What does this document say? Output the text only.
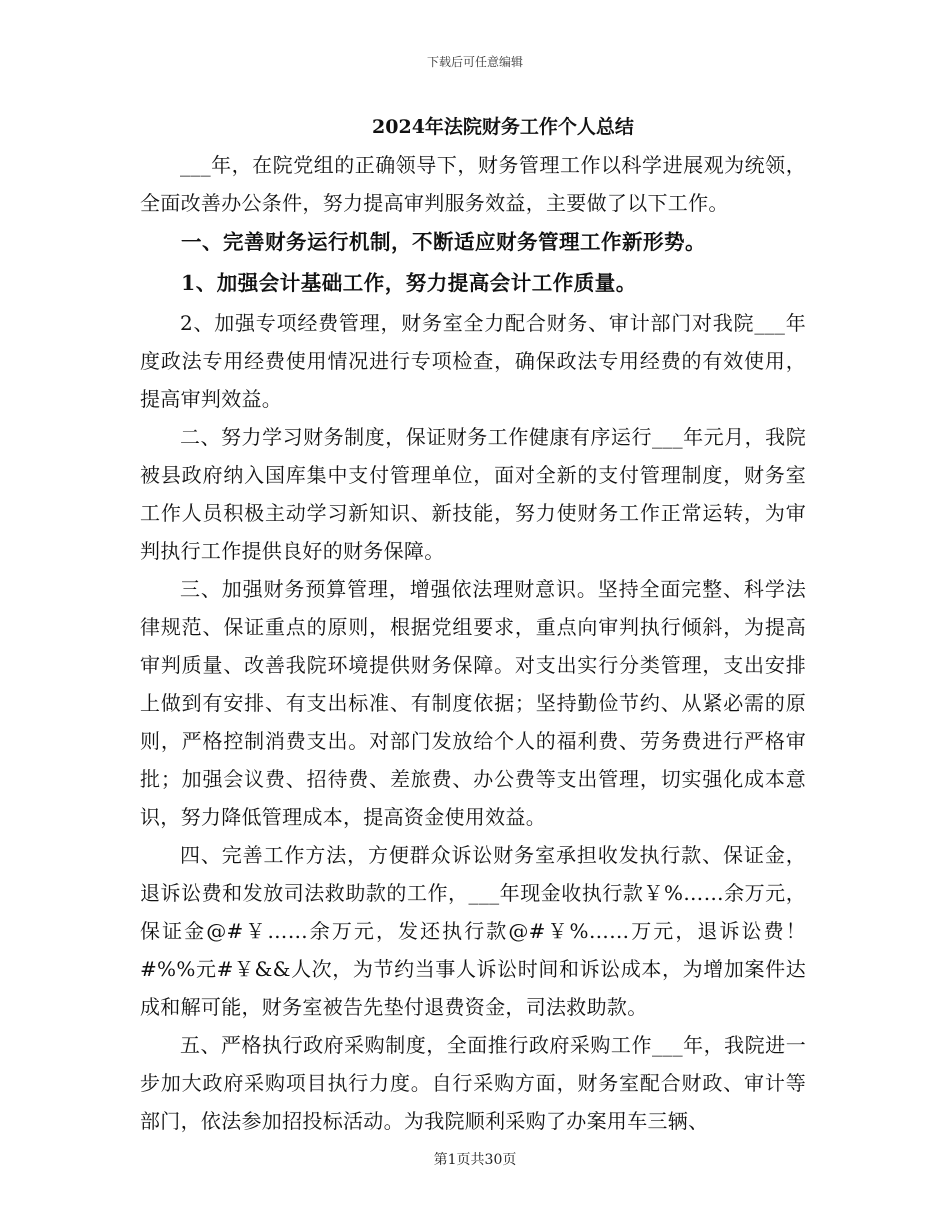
下载后可任意编辑
2024年法院财务工作个人总结

___年，在院党组的正确领导下，财务管理工作以科学进展观为统领，全面改善办公条件，努力提高审判服务效益，主要做了以下工作。

一、完善财务运行机制，不断适应财务管理工作新形势。

1、加强会计基础工作，努力提高会计工作质量。

2、加强专项经费管理，财务室全力配合财务、审计部门对我院___年度政法专用经费使用情况进行专项检查，确保政法专用经费的有效使用，提高审判效益。

二、努力学习财务制度，保证财务工作健康有序运行___年元月，我院被县政府纳入国库集中支付管理单位，面对全新的支付管理制度，财务室工作人员积极主动学习新知识、新技能，努力使财务工作正常运转，为审判执行工作提供良好的财务保障。

三、加强财务预算管理，增强依法理财意识。坚持全面完整、科学法律规范、保证重点的原则，根据党组要求，重点向审判执行倾斜，为提高审判质量、改善我院环境提供财务保障。对支出实行分类管理，支出安排上做到有安排、有支出标准、有制度依据；坚持勤俭节约、从紧必需的原则，严格控制消费支出。对部门发放给个人的福利费、劳务费进行严格审批；加强会议费、招待费、差旅费、办公费等支出管理，切实强化成本意识，努力降低管理成本，提高资金使用效益。

四、完善工作方法，方便群众诉讼财务室承担收发执行款、保证金，退诉讼费和发放司法救助款的工作，___年现金收执行款￥%……余万元，保证金@#￥……余万元，发还执行款@#￥%……万元，退诉讼费！#%%元#￥&&人次，为节约当事人诉讼时间和诉讼成本，为增加案件达成和解可能，财务室被告先垫付退费资金，司法救助款。

五、严格执行政府采购制度，全面推行政府采购工作___年，我院进一步加大政府采购项目执行力度。自行采购方面，财务室配合财政、审计等部门，依法参加招投标活动。为我院顺利采购了办案用车三辆、

第1页共30页
